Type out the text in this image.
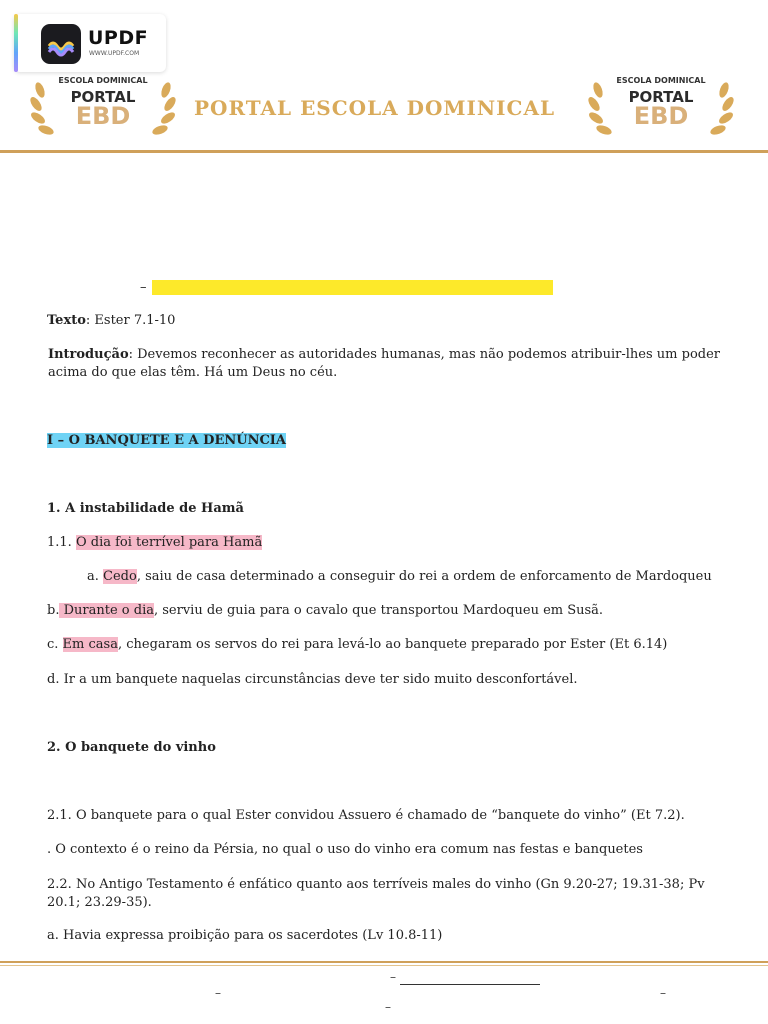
UPDF
WWW.UPDF.COM
ESCOLA DOMINICAL
PORTAL
EBD
ESCOLA DOMINICAL
PORTAL
EBD
PORTAL ESCOLA DOMINICAL
–
Texto: Ester 7.1-10
Introdução: Devemos reconhecer as autoridades humanas, mas não podemos atribuir-lhes um poder acima do que elas têm. Há um Deus no céu.
I – O BANQUETE E A DENÚNCIA
1. A instabilidade de Hamã
1.1. O dia foi terrível para Hamã
a. Cedo, saiu de casa determinado a conseguir do rei a ordem de enforcamento de Mardoqueu
b. Durante o dia, serviu de guia para o cavalo que transportou Mardoqueu em Susã.
c. Em casa, chegaram os servos do rei para levá-lo ao banquete preparado por Ester (Et 6.14)
d. Ir a um banquete naquelas circunstâncias deve ter sido muito desconfortável.
2. O banquete do vinho
2.1. O banquete para o qual Ester convidou Assuero é chamado de “banquete do vinho” (Et 7.2).
. O contexto é o reino da Pérsia, no qual o uso do vinho era comum nas festas e banquetes
2.2. No Antigo Testamento é enfático quanto aos terríveis males do vinho (Gn 9.20-27; 19.31-38; Pv 20.1; 23.29-35).
a. Havia expressa proibição para os sacerdotes (Lv 10.8-11)
–
–	–
–
